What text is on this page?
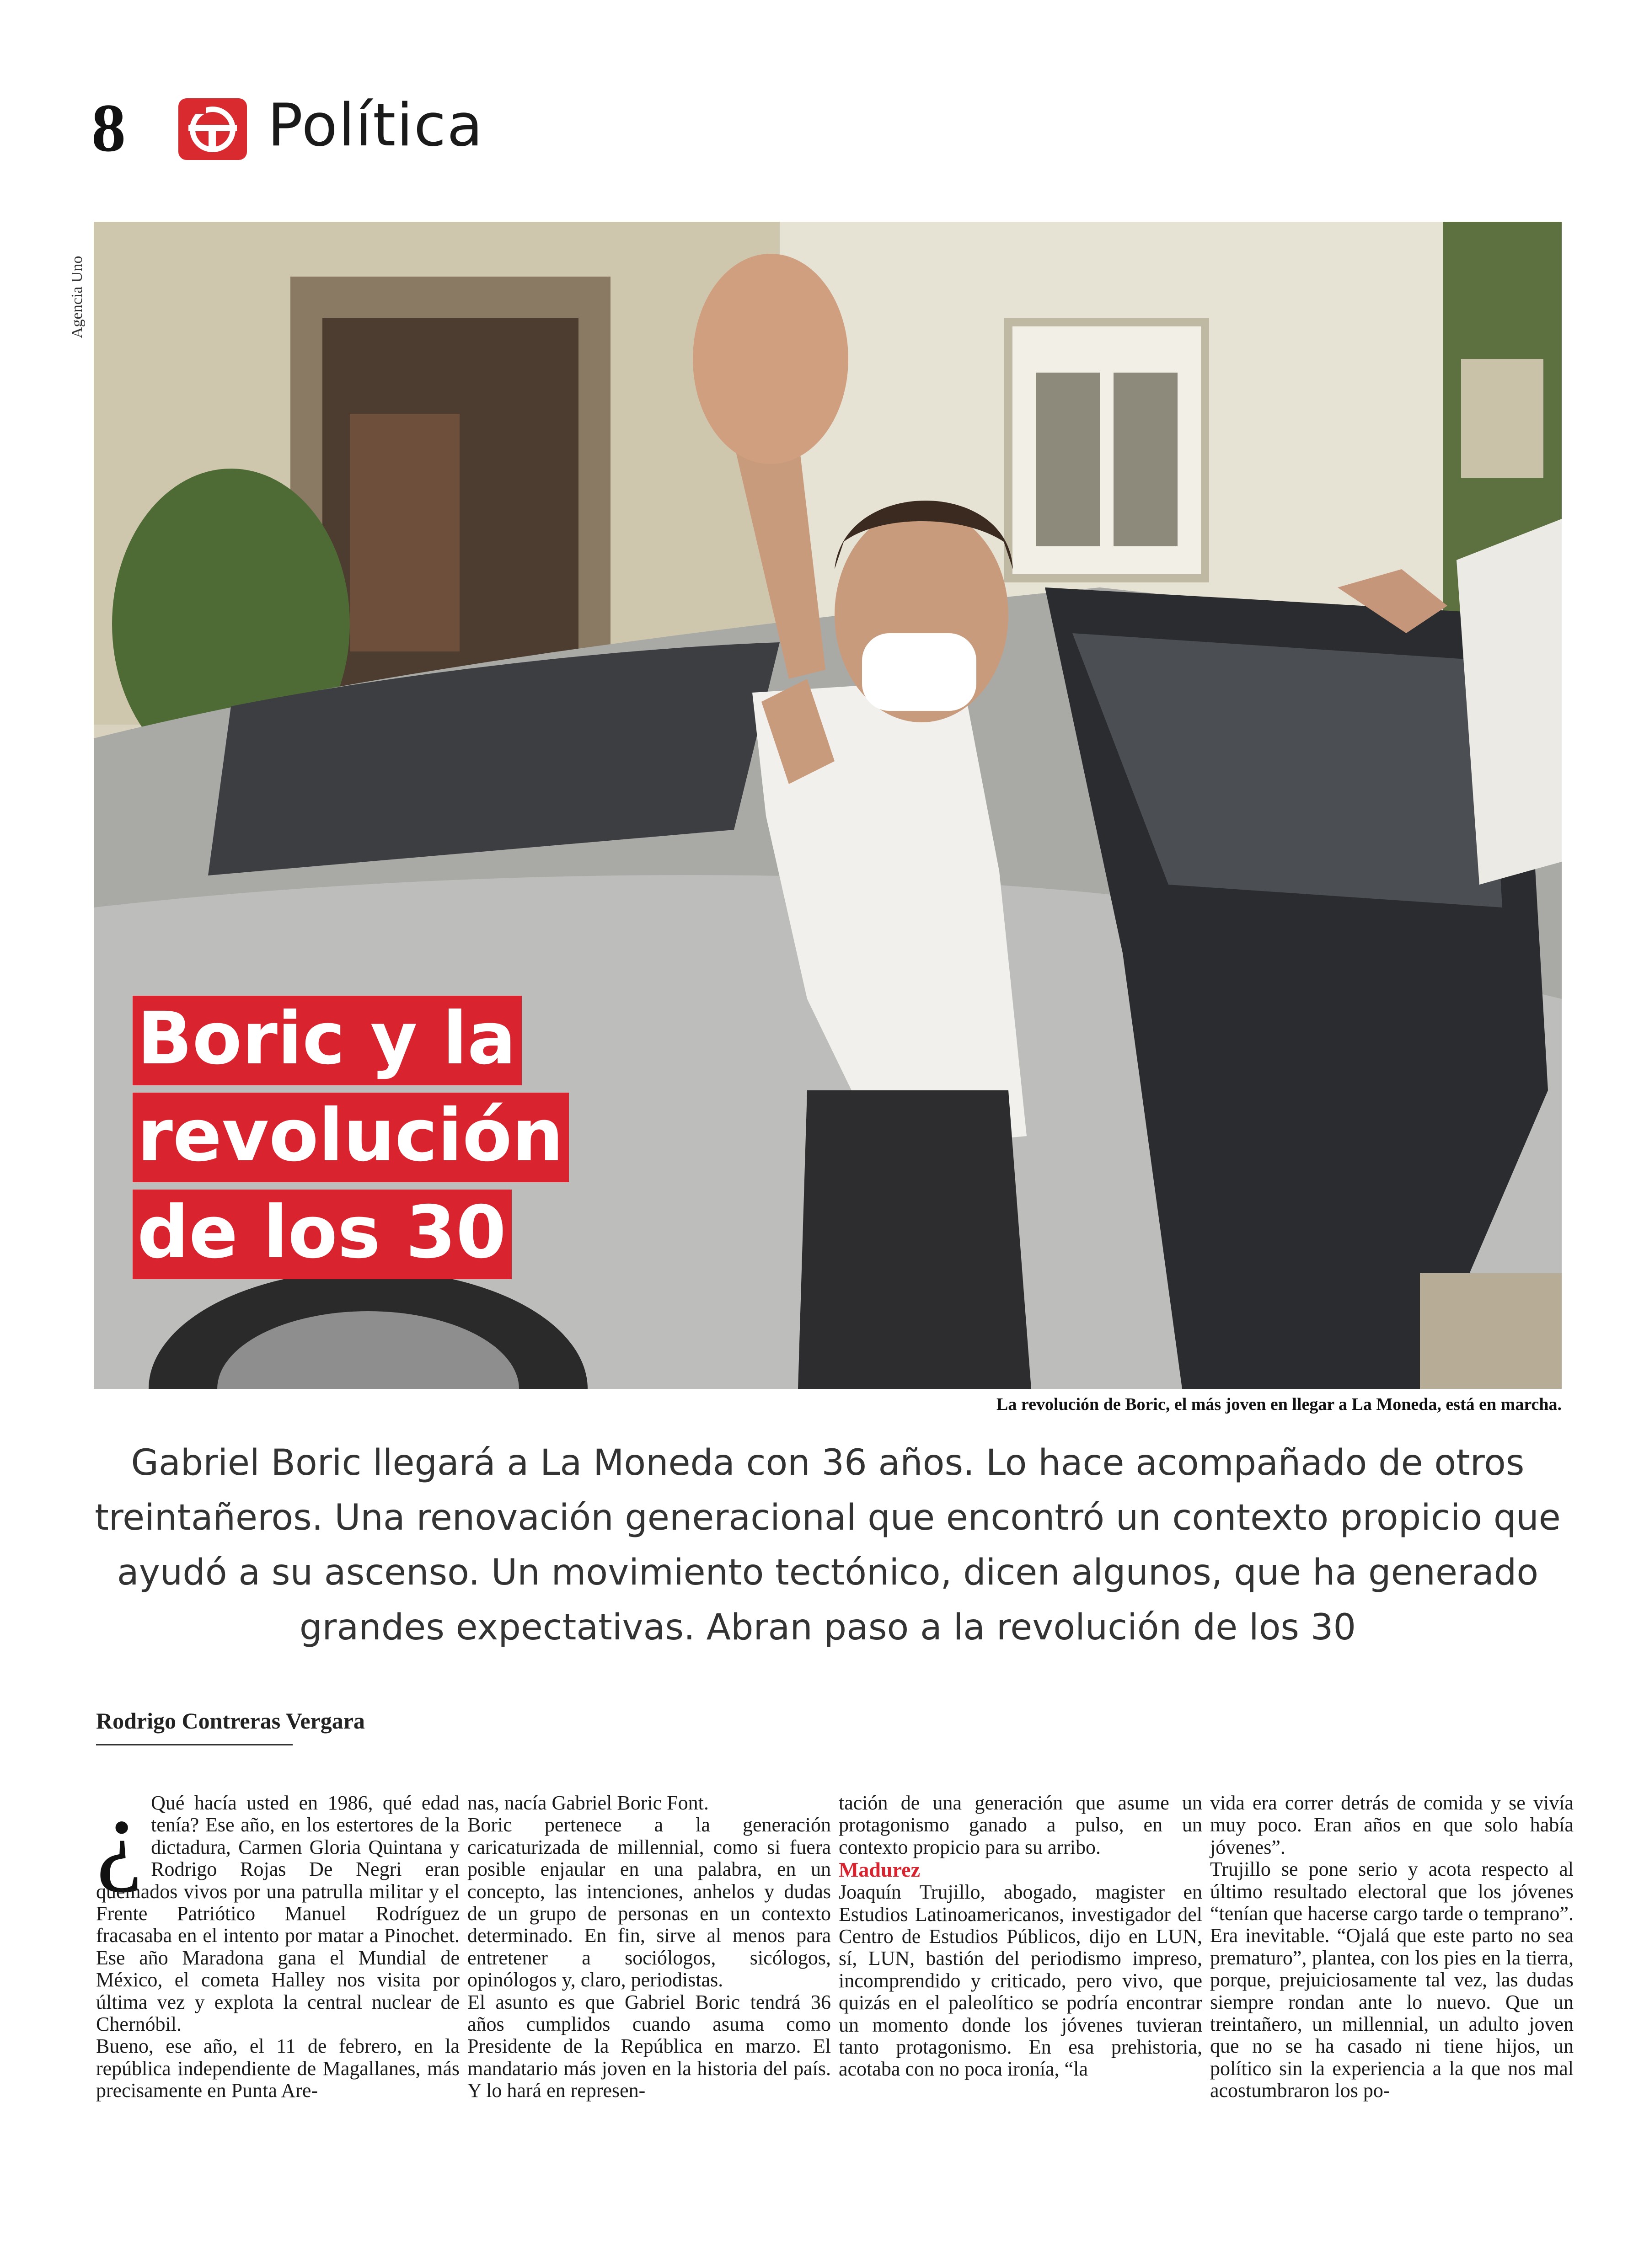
8 Política
Agencia Uno
Boric y la
revolución
de los 30
La revolución de Boric, el más joven en llegar a La Moneda, está en marcha.
Gabriel Boric llegará a La Moneda con 36 años. Lo hace acompañado de otros treintañeros. Una renovación generacional que encontró un contexto propicio que ayudó a su ascenso. Un movimiento tectónico, dicen algunos, que ha generado grandes expectativas. Abran paso a la revolución de los 30
Rodrigo Contreras Vergara
¿ Qué hacía usted en 1986, qué edad tenía? Ese año, en los estertores de la dictadura, Carmen Gloria Quintana y Rodrigo Rojas De Negri eran quemados vivos por una patrulla militar y el Frente Patriótico Manuel Rodríguez fracasaba en el intento por matar a Pinochet. Ese año Maradona gana el Mundial de México, el cometa Halley nos visita por última vez y explota la central nuclear de Chernóbil.

Bueno, ese año, el 11 de febrero, en la república independiente de Magallanes, más precisamente en Punta Are-

nas, nacía Gabriel Boric Font.

Boric pertenece a la generación caricaturizada de millennial, como si fuera posible enjaular en una palabra, en un concepto, las intenciones, anhelos y dudas de un grupo de personas en un contexto determinado. En fin, sirve al menos para entretener a sociólogos, sicólogos, opinólogos y, claro, periodistas.

El asunto es que Gabriel Boric tendrá 36 años cumplidos cuando asuma como Presidente de la República en marzo. El mandatario más joven en la historia del país. Y lo hará en represen-

tación de una generación que asume un protagonismo ganado a pulso, en un contexto propicio para su arribo.

Madurez

Joaquín Trujillo, abogado, magister en Estudios Latinoamericanos, investigador del Centro de Estudios Públicos, dijo en LUN, sí, LUN, bastión del periodismo impreso, incomprendido y criticado, pero vivo, que quizás en el paleolítico se podría encontrar un momento donde los jóvenes tuvieran tanto protagonismo. En esa prehistoria, acotaba con no poca ironía, “la

vida era correr detrás de comida y se vivía muy poco. Eran años en que solo había jóvenes”.

Trujillo se pone serio y acota respecto al último resultado electoral que los jóvenes “tenían que hacerse cargo tarde o temprano”. Era inevitable. “Ojalá que este parto no sea prematuro”, plantea, con los pies en la tierra, porque, prejuiciosamente tal vez, las dudas siempre rondan ante lo nuevo. Que un treintañero, un millennial, un adulto joven que no se ha casado ni tiene hijos, un político sin la experiencia a la que nos mal acostumbraron los po-
